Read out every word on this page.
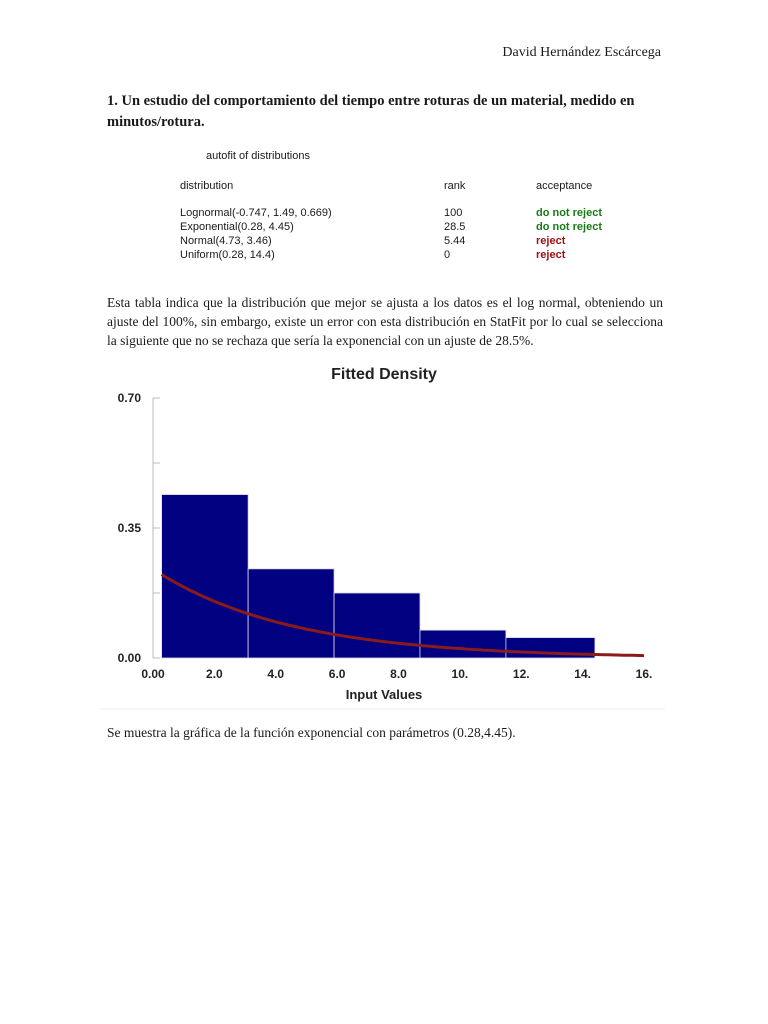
David Hernández Escárcega
1. Un estudio del comportamiento del tiempo entre roturas de un material, medido en minutos/rotura.
autofit of distributions
distribution	rank	acceptance
Lognormal(-0.747, 1.49, 0.669)	100	do not reject
Exponential(0.28, 4.45)	28.5	do not reject
Normal(4.73, 3.46)	5.44	reject
Uniform(0.28, 14.4)	0	reject
Esta tabla indica que la distribución que mejor se ajusta a los datos es el log normal, obteniendo un ajuste del 100%, sin embargo, existe un error con esta distribución en StatFit por lo cual se selecciona la siguiente que no se rechaza que sería la exponencial con un ajuste de 28.5%.
Fitted Density
0.00
0.35
0.70
0.00	2.0	4.0	6.0	8.0	10.	12.	14.	16.
Input Values
Se muestra la gráfica de la función exponencial con parámetros (0.28,4.45).
